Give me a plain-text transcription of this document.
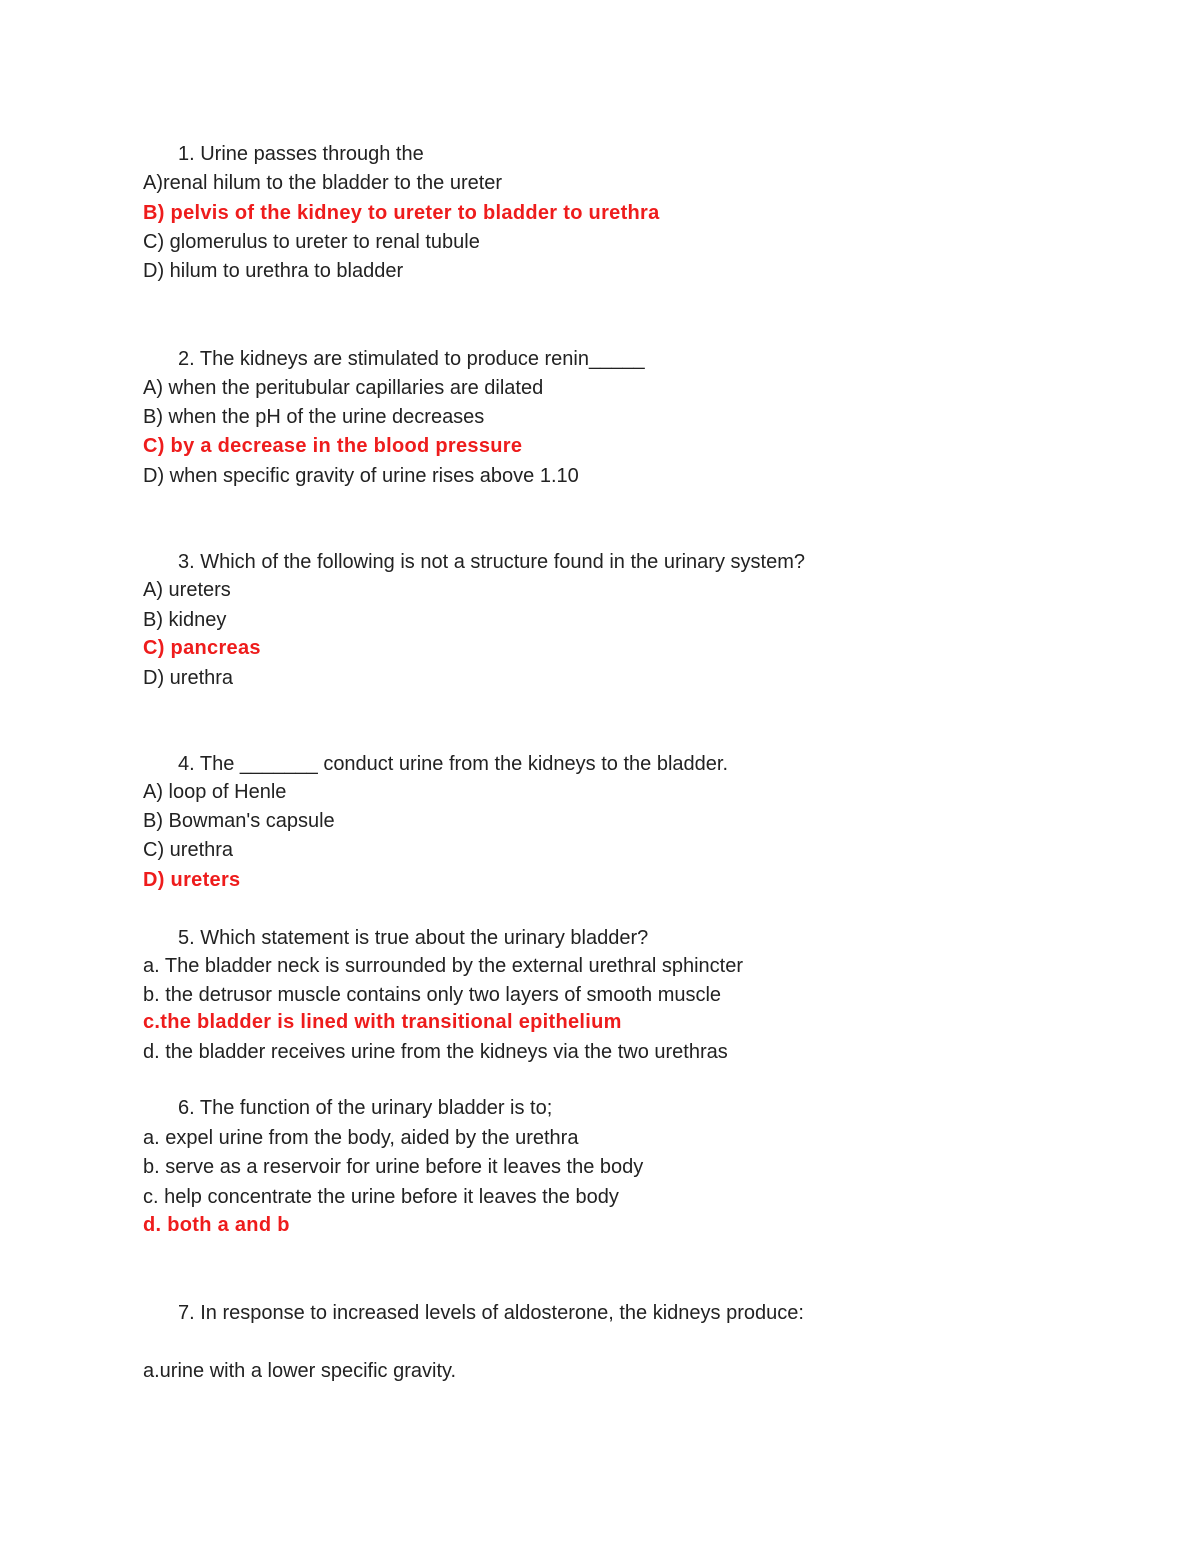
1. Urine passes through the
A)renal hilum to the bladder to the ureter
B) pelvis of the kidney to ureter to bladder to urethra
C) glomerulus to ureter to renal tubule
D) hilum to urethra to bladder
2. The kidneys are stimulated to produce renin_____
A) when the peritubular capillaries are dilated
B) when the pH of the urine decreases
C) by a decrease in the blood pressure
D) when specific gravity of urine rises above 1.10
3. Which of the following is not a structure found in the urinary system?
A) ureters
B) kidney
C) pancreas
D) urethra
4. The _______ conduct urine from the kidneys to the bladder.
A) loop of Henle
B) Bowman's capsule
C) urethra
D) ureters
5. Which statement is true about the urinary bladder?
a. The bladder neck is surrounded by the external urethral sphincter
b. the detrusor muscle contains only two layers of smooth muscle
c.the bladder is lined with transitional epithelium
d. the bladder receives urine from the kidneys via the two urethras
6. The function of the urinary bladder is to;
a. expel urine from the body, aided by the urethra
b. serve as a reservoir for urine before it leaves the body
c. help concentrate the urine before it leaves the body
d. both a and b
7. In response to increased levels of aldosterone, the kidneys produce:
a.urine with a lower specific gravity.
